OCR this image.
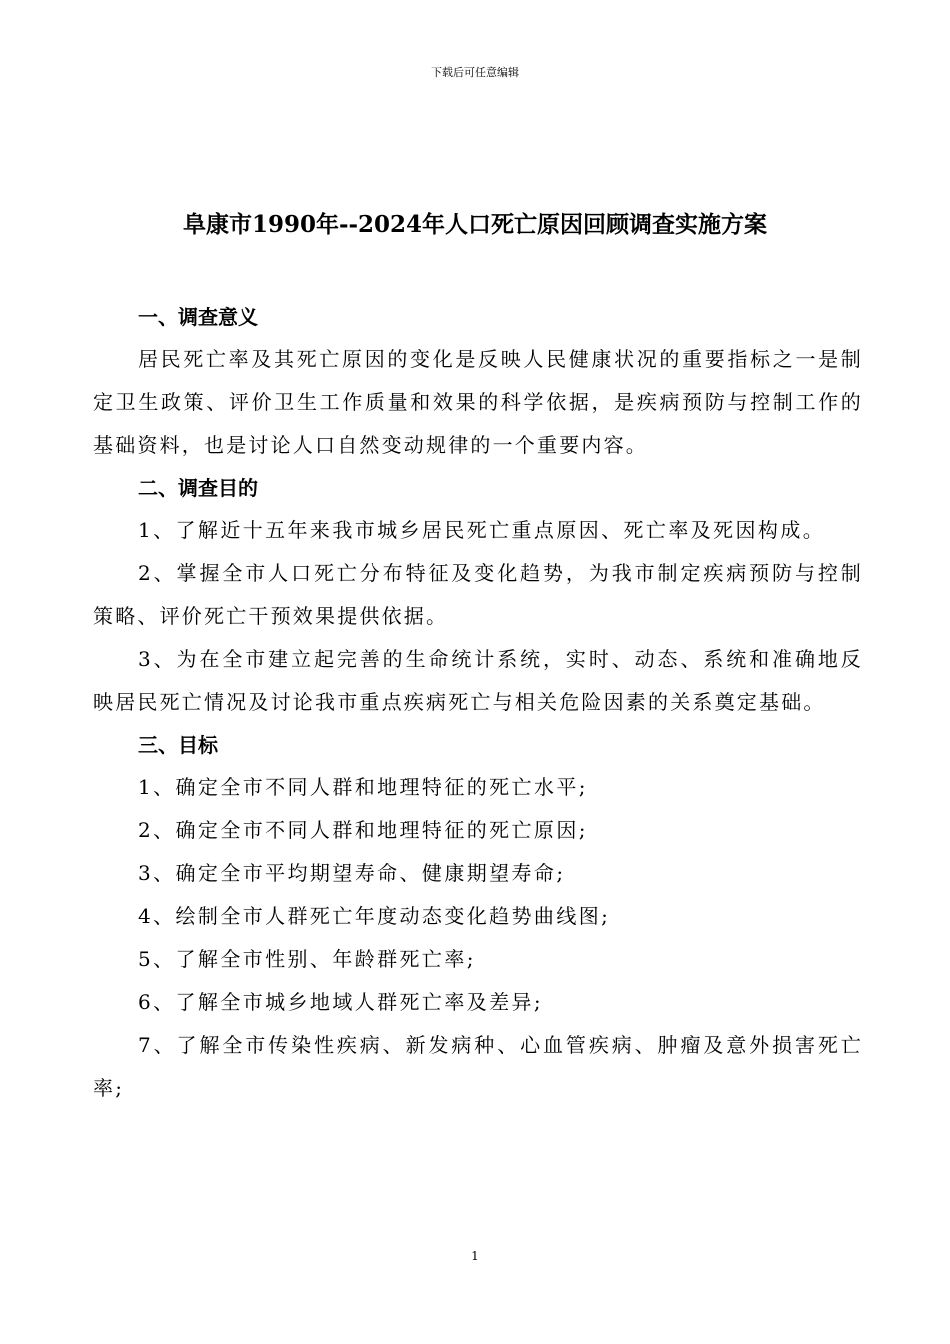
下载后可任意编辑
阜康市1990年--2024年人口死亡原因回顾调查实施方案
一、调查意义

居民死亡率及其死亡原因的变化是反映人民健康状况的重要指标之一是制定卫生政策、评价卫生工作质量和效果的科学依据，是疾病预防与控制工作的基础资料，也是讨论人口自然变动规律的一个重要内容。

二、调查目的

1、了解近十五年来我市城乡居民死亡重点原因、死亡率及死因构成。

2、掌握全市人口死亡分布特征及变化趋势，为我市制定疾病预防与控制策略、评价死亡干预效果提供依据。

3、为在全市建立起完善的生命统计系统，实时、动态、系统和准确地反映居民死亡情况及讨论我市重点疾病死亡与相关危险因素的关系奠定基础。

三、目标

1、确定全市不同人群和地理特征的死亡水平;

2、确定全市不同人群和地理特征的死亡原因;

3、确定全市平均期望寿命、健康期望寿命;

4、绘制全市人群死亡年度动态变化趋势曲线图;

5、了解全市性别、年龄群死亡率;

6、了解全市城乡地域人群死亡率及差异;

7、了解全市传染性疾病、新发病种、心血管疾病、肿瘤及意外损害死亡率;

1
